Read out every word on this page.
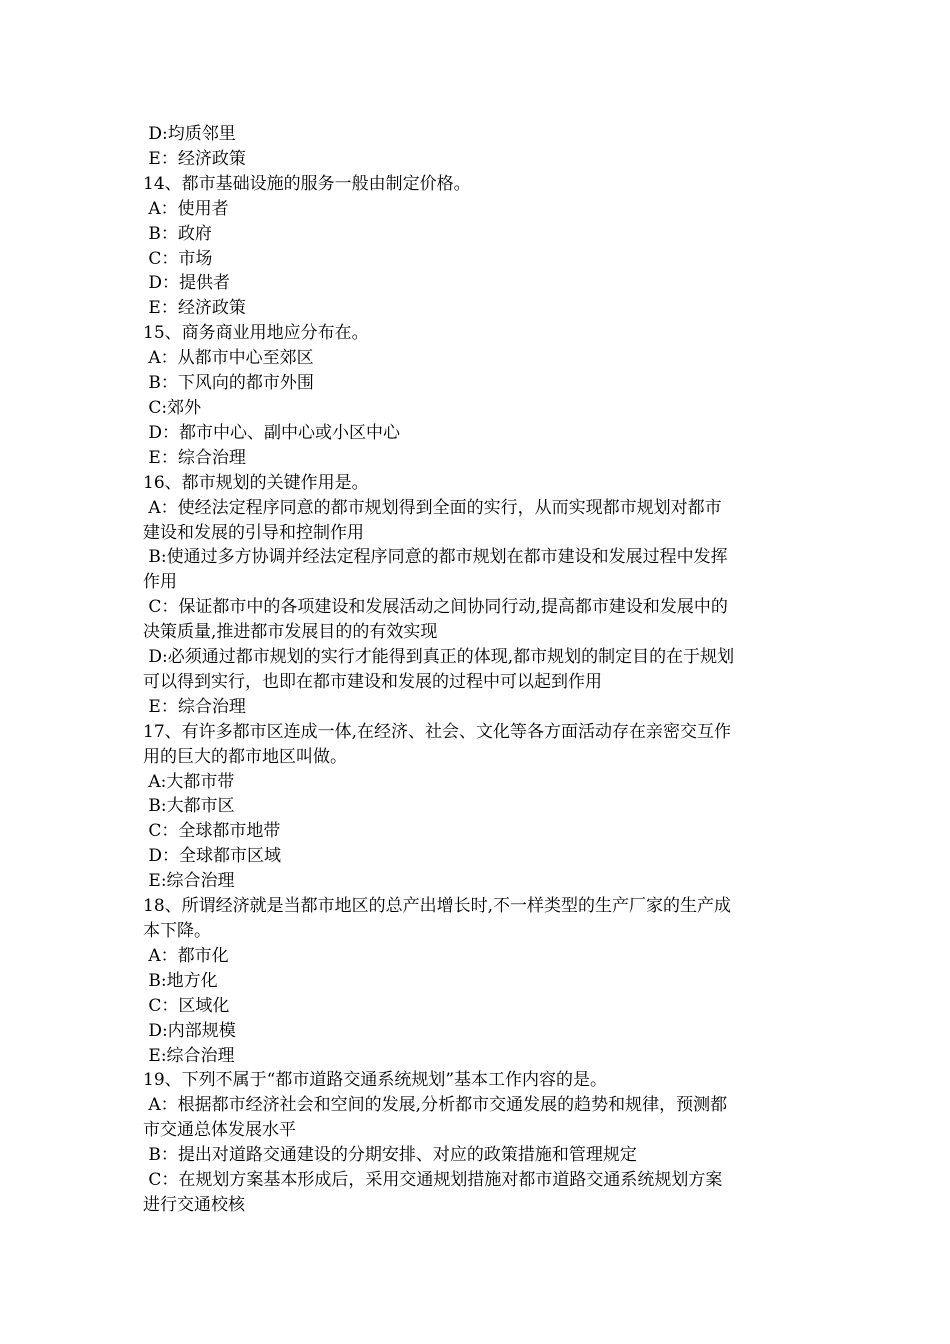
D:均质邻里

E：经济政策

14、都市基础设施的服务一般由制定价格。

A：使用者

B：政府

C：市场

D：提供者

E：经济政策

15、商务商业用地应分布在。

A：从都市中心至郊区

B：下风向的都市外围

C:郊外

D：都市中心、副中心或小区中心

E：综合治理

16、都市规划的关键作用是。

A：使经法定程序同意的都市规划得到全面的实行，从而实现都市规划对都市

建设和发展的引导和控制作用

B:使通过多方协调并经法定程序同意的都市规划在都市建设和发展过程中发挥

作用

C：保证都市中的各项建设和发展活动之间协同行动,提高都市建设和发展中的

决策质量,推进都市发展目的的有效实现

D:必须通过都市规划的实行才能得到真正的体现,都市规划的制定目的在于规划

可以得到实行，也即在都市建设和发展的过程中可以起到作用

E：综合治理

17、有许多都市区连成一体,在经济、社会、文化等各方面活动存在亲密交互作

用的巨大的都市地区叫做。

A:大都市带

B:大都市区

C：全球都市地带

D：全球都市区域

E:综合治理

18、所谓经济就是当都市地区的总产出增长时,不一样类型的生产厂家的生产成

本下降。

A：都市化

B:地方化

C：区域化

D:内部规模

E:综合治理

19、下列不属于“都市道路交通系统规划”基本工作内容的是。

A：根据都市经济社会和空间的发展,分析都市交通发展的趋势和规律，预测都

市交通总体发展水平

B：提出对道路交通建设的分期安排、对应的政策措施和管理规定

C：在规划方案基本形成后，采用交通规划措施对都市道路交通系统规划方案

进行交通校核
